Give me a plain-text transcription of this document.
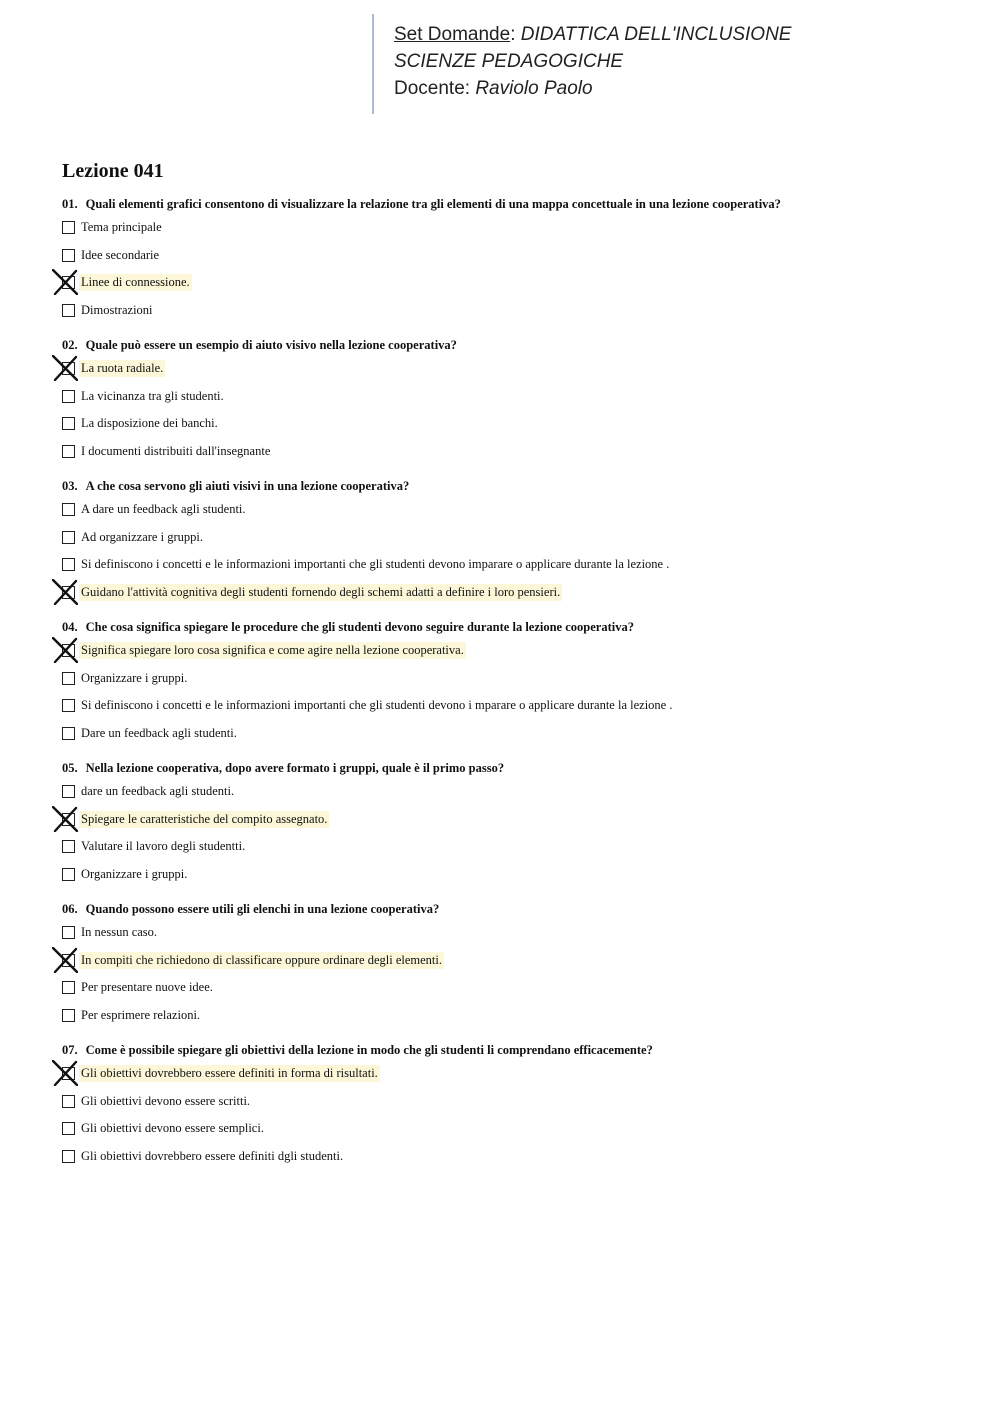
Set Domande: DIDATTICA DELL'INCLUSIONE
SCIENZE PEDAGOGICHE
Docente: Raviolo Paolo
Lezione 041
01. Quali elementi grafici consentono di visualizzare la relazione tra gli elementi di una mappa concettuale in una lezione cooperativa?
Tema principale
Idee secondarie
Linee di connessione.
Dimostrazioni
02. Quale può essere un esempio di aiuto visivo nella lezione cooperativa?
La ruota radiale.
La vicinanza tra gli studenti.
La disposizione dei banchi.
I documenti distribuiti dall'insegnante
03. A che cosa servono gli aiuti visivi in una lezione cooperativa?
A dare un feedback agli studenti.
Ad organizzare i gruppi.
Si definiscono i concetti e le informazioni importanti che gli studenti devono imparare o applicare durante la lezione .
Guidano l'attività cognitiva degli studenti fornendo degli schemi adatti a definire i loro pensieri.
04. Che cosa significa spiegare le procedure che gli studenti devono seguire durante la lezione cooperativa?
Significa spiegare loro cosa significa e come agire nella lezione cooperativa.
Organizzare i gruppi.
Si definiscono i concetti e le informazioni importanti che gli studenti devono i mparare o applicare durante la lezione .
Dare un feedback agli studenti.
05. Nella lezione cooperativa, dopo avere formato i gruppi, quale è il primo passo?
dare un feedback agli studenti.
Spiegare le caratteristiche del compito assegnato.
Valutare il lavoro degli studentti.
Organizzare i gruppi.
06. Quando possono essere utili gli elenchi in una lezione cooperativa?
In nessun caso.
In compiti che richiedono di classificare oppure ordinare degli elementi.
Per presentare nuove idee.
Per esprimere relazioni.
07. Come è possibile spiegare gli obiettivi della lezione in modo che gli studenti li comprendano efficacemente?
Gli obiettivi dovrebbero essere definiti in forma di risultati.
Gli obiettivi devono essere scritti.
Gli obiettivi devono essere semplici.
Gli obiettivi dovrebbero essere definiti dgli studenti.
